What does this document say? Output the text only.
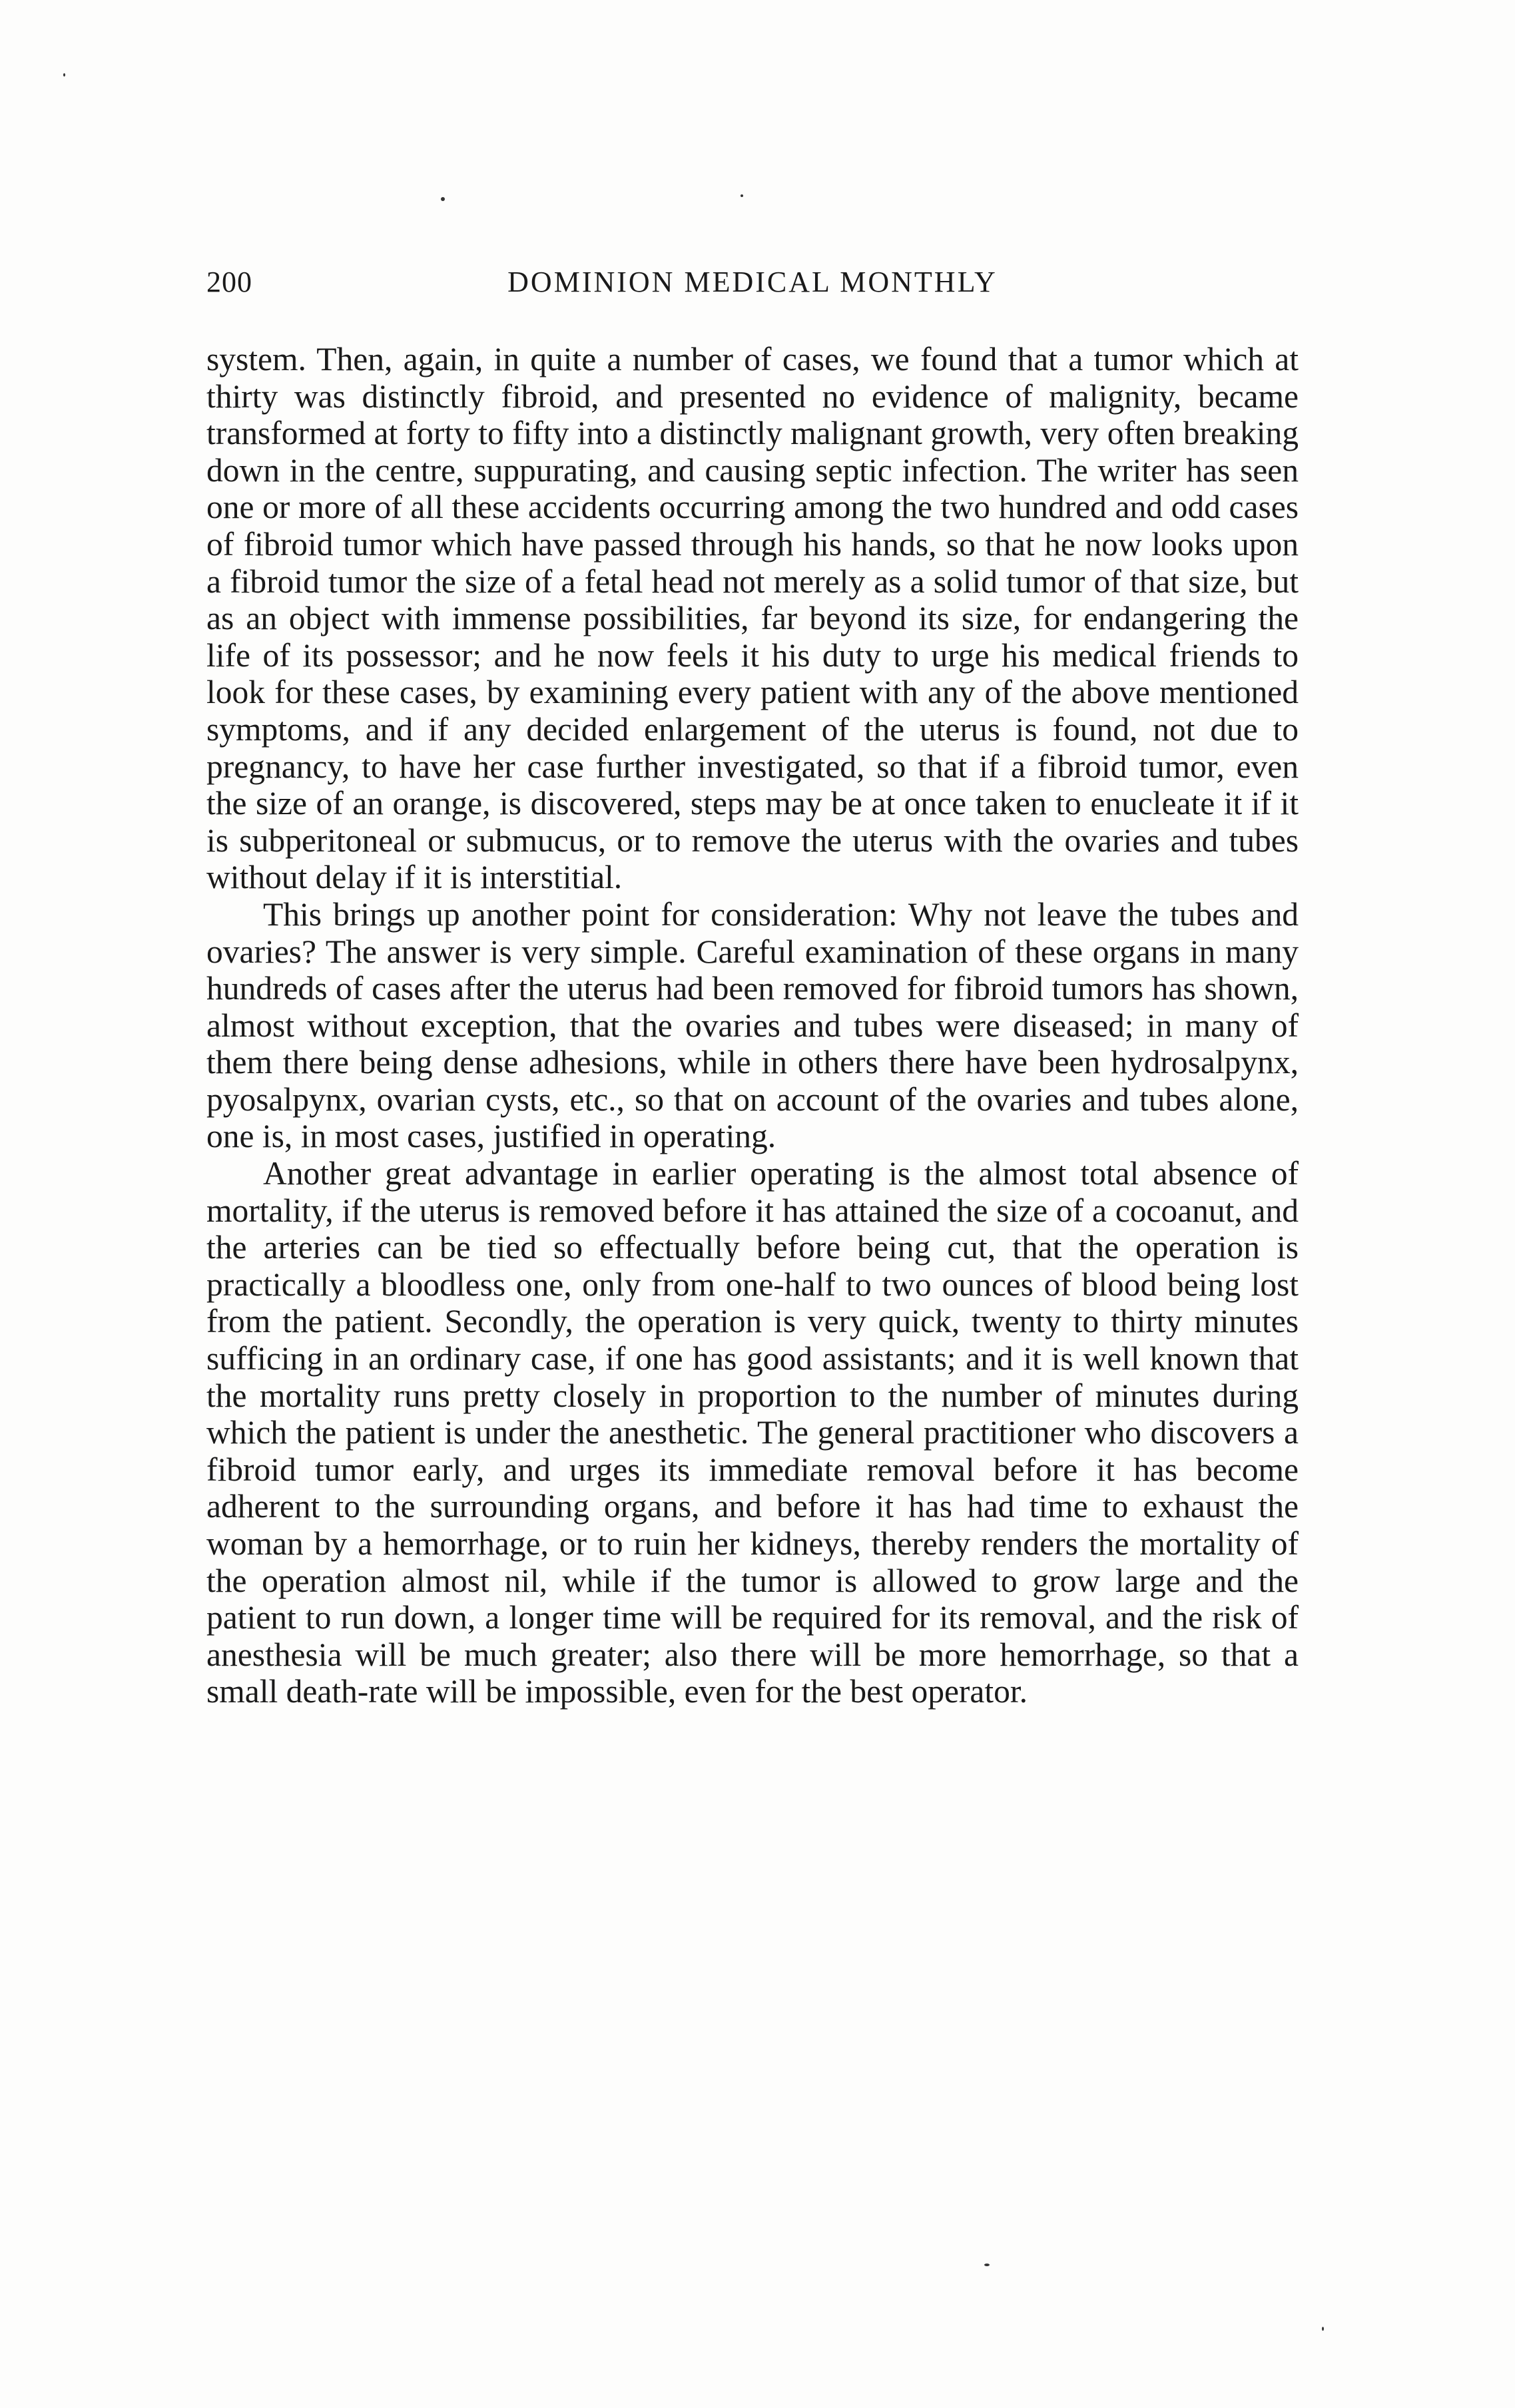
200	DOMINION MEDICAL MONTHLY

system. Then, again, in quite a number of cases, we found that a tumor which at thirty was distinctly fibroid, and presented no evidence of malignity, became transformed at forty to fifty into a distinctly malignant growth, very often breaking down in the centre, suppurating, and causing septic infection. The writer has seen one or more of all these accidents occurring among the two hundred and odd cases of fibroid tumor which have passed through his hands, so that he now looks upon a fibroid tumor the size of a fetal head not merely as a solid tumor of that size, but as an object with immense possibilities, far beyond its size, for endangering the life of its possessor; and he now feels it his duty to urge his medical friends to look for these cases, by examining every patient with any of the above mentioned symptoms, and if any decided enlargement of the uterus is found, not due to pregnancy, to have her case further investigated, so that if a fibroid tumor, even the size of an orange, is discovered, steps may be at once taken to enucleate it if it is subperitoneal or submucus, or to remove the uterus with the ovaries and tubes without delay if it is interstitial.

This brings up another point for consideration: Why not leave the tubes and ovaries? The answer is very simple. Careful examination of these organs in many hundreds of cases after the uterus had been removed for fibroid tumors has shown, almost without exception, that the ovaries and tubes were diseased; in many of them there being dense adhesions, while in others there have been hydrosalpynx, pyosalpynx, ovarian cysts, etc., so that on account of the ovaries and tubes alone, one is, in most cases, justified in operating.

Another great advantage in earlier operating is the almost total absence of mortality, if the uterus is removed before it has attained the size of a cocoanut, and the arteries can be tied so effectually before being cut, that the operation is practically a bloodless one, only from one-half to two ounces of blood being lost from the patient. Secondly, the operation is very quick, twenty to thirty minutes sufficing in an ordinary case, if one has good assistants; and it is well known that the mortality runs pretty closely in proportion to the number of minutes during which the patient is under the anesthetic. The general practitioner who discovers a fibroid tumor early, and urges its immediate removal before it has become adherent to the surrounding organs, and before it has had time to exhaust the woman by a hemorrhage, or to ruin her kidneys, thereby renders the mortality of the operation almost nil, while if the tumor is allowed to grow large and the patient to run down, a longer time will be required for its removal, and the risk of anesthesia will be much greater; also there will be more hemorrhage, so that a small death-rate will be impossible, even for the best operator.
